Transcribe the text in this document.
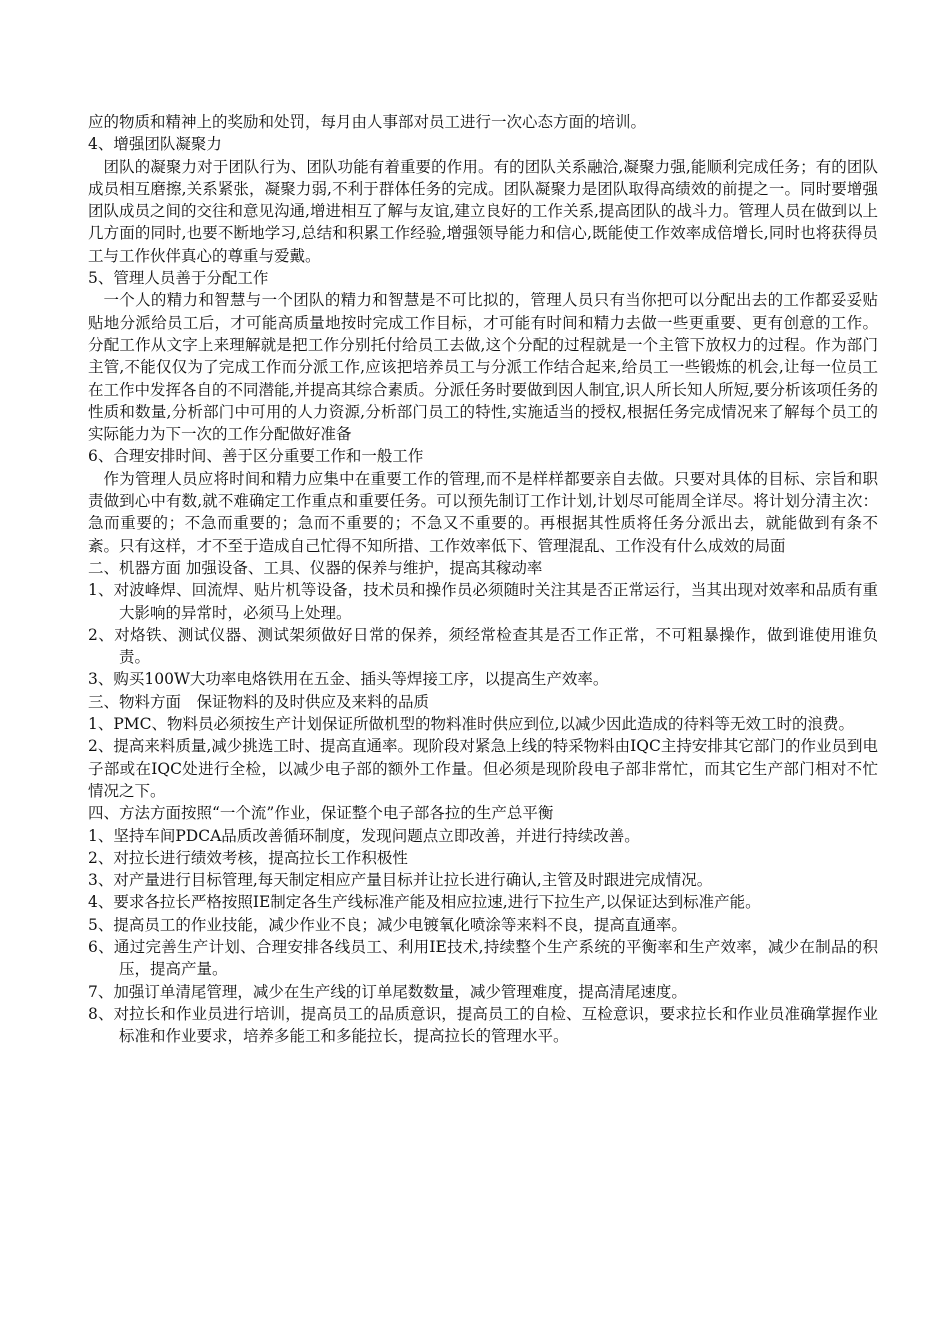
应的物质和精神上的奖励和处罚，每月由人事部对员工进行一次心态方面的培训。

4、增强团队凝聚力

团队的凝聚力对于团队行为、团队功能有着重要的作用。有的团队关系融洽,凝聚力强,能顺利完成任务；有的团队成员相互磨擦,关系紧张，凝聚力弱,不利于群体任务的完成。团队凝聚力是团队取得高绩效的前提之一。同时要增强团队成员之间的交往和意见沟通,增进相互了解与友谊,建立良好的工作关系,提高团队的战斗力。管理人员在做到以上几方面的同时,也要不断地学习,总结和积累工作经验,增强领导能力和信心,既能使工作效率成倍增长,同时也将获得员工与工作伙伴真心的尊重与爱戴。

5、管理人员善于分配工作

一个人的精力和智慧与一个团队的精力和智慧是不可比拟的，管理人员只有当你把可以分配出去的工作都妥妥贴贴地分派给员工后，才可能高质量地按时完成工作目标，才可能有时间和精力去做一些更重要、更有创意的工作。分配工作从文字上来理解就是把工作分别托付给员工去做,这个分配的过程就是一个主管下放权力的过程。作为部门主管,不能仅仅为了完成工作而分派工作,应该把培养员工与分派工作结合起来,给员工一些锻炼的机会,让每一位员工在工作中发挥各自的不同潜能,并提高其综合素质。分派任务时要做到因人制宜,识人所长知人所短,要分析该项任务的性质和数量,分析部门中可用的人力资源,分析部门员工的特性,实施适当的授权,根据任务完成情况来了解每个员工的实际能力为下一次的工作分配做好准备

6、合理安排时间、善于区分重要工作和一般工作

作为管理人员应将时间和精力应集中在重要工作的管理,而不是样样都要亲自去做。只要对具体的目标、宗旨和职责做到心中有数,就不难确定工作重点和重要任务。可以预先制订工作计划,计划尽可能周全详尽。将计划分清主次：急而重要的；不急而重要的；急而不重要的；不急又不重要的。再根据其性质将任务分派出去，就能做到有条不紊。只有这样，才不至于造成自己忙得不知所措、工作效率低下、管理混乱、工作没有什么成效的局面

二、机器方面 加强设备、工具、仪器的保养与维护，提高其稼动率

1、对波峰焊、回流焊、贴片机等设备，技术员和操作员必须随时关注其是否正常运行，当其出现对效率和品质有重大影响的异常时，必须马上处理。

2、对烙铁、测试仪器、测试架须做好日常的保养，须经常检查其是否工作正常，不可粗暴操作，做到谁使用谁负责。

3、购买100W大功率电烙铁用在五金、插头等焊接工序，以提高生产效率。

三、物料方面　保证物料的及时供应及来料的品质

1、PMC、物料员必须按生产计划保证所做机型的物料准时供应到位,以减少因此造成的待料等无效工时的浪费。

2、提高来料质量,减少挑选工时、提高直通率。现阶段对紧急上线的特采物料由IQC主持安排其它部门的作业员到电子部或在IQC处进行全检，以减少电子部的额外工作量。但必须是现阶段电子部非常忙，而其它生产部门相对不忙情况之下。

四、方法方面按照“一个流”作业，保证整个电子部各拉的生产总平衡

1、坚持车间PDCA品质改善循环制度，发现问题点立即改善，并进行持续改善。

2、对拉长进行绩效考核，提高拉长工作积极性

3、对产量进行目标管理,每天制定相应产量目标并让拉长进行确认,主管及时跟进完成情况。

4、要求各拉长严格按照IE制定各生产线标准产能及相应拉速,进行下拉生产,以保证达到标准产能。

5、提高员工的作业技能，减少作业不良；减少电镀氧化喷涂等来料不良，提高直通率。

6、通过完善生产计划、合理安排各线员工、利用IE技术,持续整个生产系统的平衡率和生产效率，减少在制品的积压，提高产量。

7、加强订单清尾管理，减少在生产线的订单尾数数量，减少管理难度，提高清尾速度。

8、对拉长和作业员进行培训，提高员工的品质意识，提高员工的自检、互检意识，要求拉长和作业员准确掌握作业标准和作业要求，培养多能工和多能拉长，提高拉长的管理水平。
